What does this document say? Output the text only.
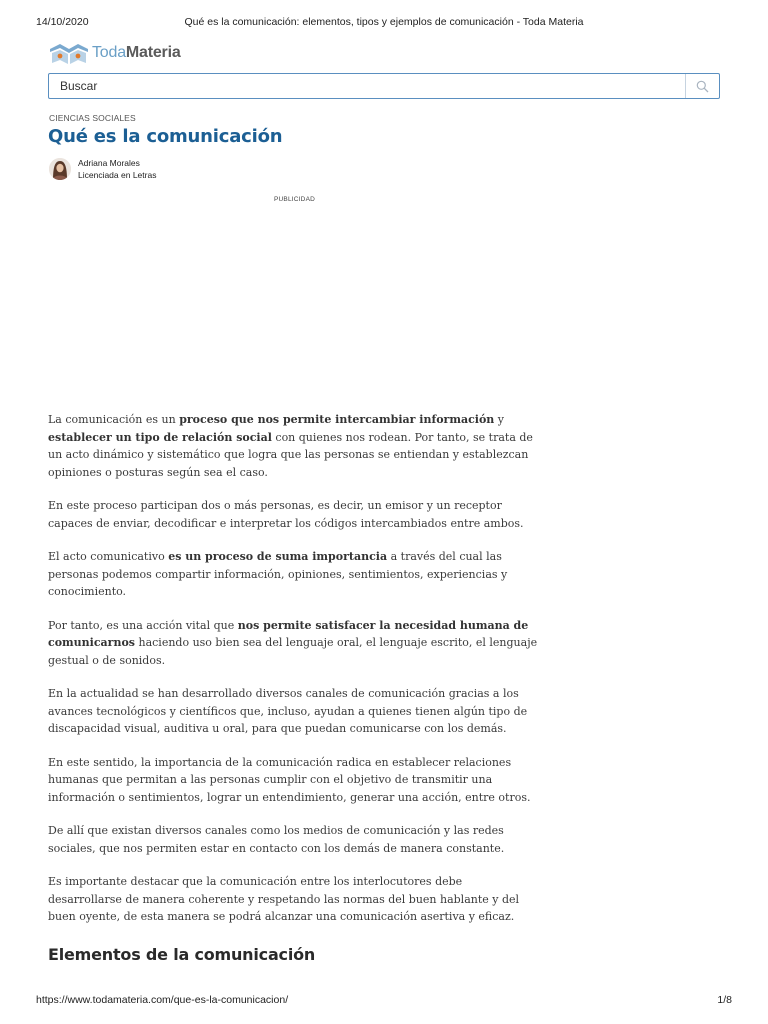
14/10/2020	Qué es la comunicación: elementos, tipos y ejemplos de comunicación - Toda Materia
TodaMateria
Buscar
CIENCIAS SOCIALES
Qué es la comunicación
Adriana Morales
Licenciada en Letras
PUBLICIDAD

La comunicación es un proceso que nos permite intercambiar información y establecer un tipo de relación social con quienes nos rodean. Por tanto, se trata de un acto dinámico y sistemático que logra que las personas se entiendan y establezcan opiniones o posturas según sea el caso.

En este proceso participan dos o más personas, es decir, un emisor y un receptor capaces de enviar, decodificar e interpretar los códigos intercambiados entre ambos.

El acto comunicativo es un proceso de suma importancia a través del cual las personas podemos compartir información, opiniones, sentimientos, experiencias y conocimiento.

Por tanto, es una acción vital que nos permite satisfacer la necesidad humana de comunicarnos haciendo uso bien sea del lenguaje oral, el lenguaje escrito, el lenguaje gestual o de sonidos.

En la actualidad se han desarrollado diversos canales de comunicación gracias a los avances tecnológicos y científicos que, incluso, ayudan a quienes tienen algún tipo de discapacidad visual, auditiva u oral, para que puedan comunicarse con los demás.

En este sentido, la importancia de la comunicación radica en establecer relaciones humanas que permitan a las personas cumplir con el objetivo de transmitir una información o sentimientos, lograr un entendimiento, generar una acción, entre otros.

De allí que existan diversos canales como los medios de comunicación y las redes sociales, que nos permiten estar en contacto con los demás de manera constante.

Es importante destacar que la comunicación entre los interlocutores debe desarrollarse de manera coherente y respetando las normas del buen hablante y del buen oyente, de esta manera se podrá alcanzar una comunicación asertiva y eficaz.

Elementos de la comunicación
https://www.todamateria.com/que-es-la-comunicacion/	1/8
